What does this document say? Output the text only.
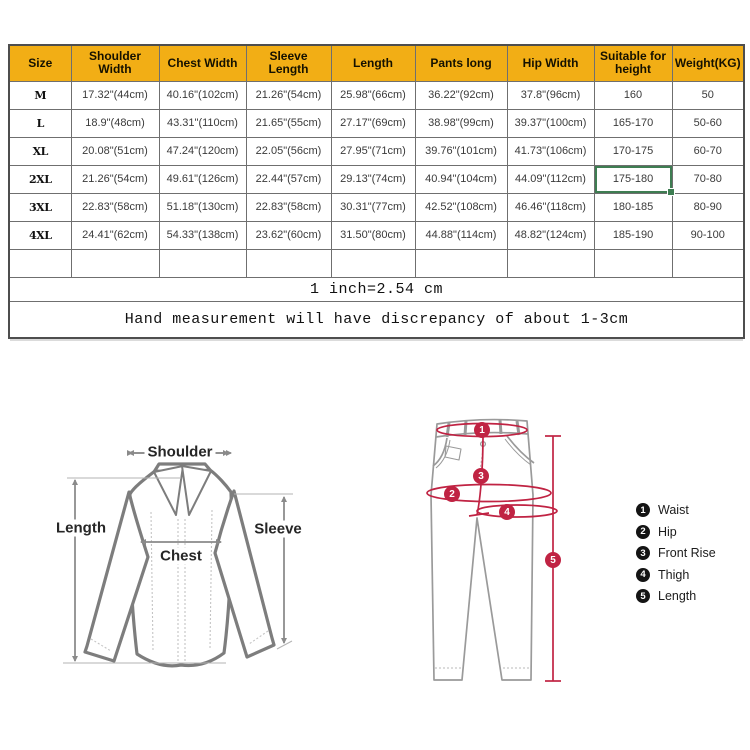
Size	Shoulder Width	Chest Width	Sleeve Length	Length	Pants long	Hip Width	Suitable for height	Weight(KG)
M	17.32"(44cm)	40.16"(102cm)	21.26"(54cm)	25.98"(66cm)	36.22"(92cm)	37.8"(96cm)	160	50
L	18.9"(48cm)	43.31"(110cm)	21.65"(55cm)	27.17"(69cm)	38.98"(99cm)	39.37"(100cm)	165-170	50-60
XL	20.08"(51cm)	47.24"(120cm)	22.05"(56cm)	27.95"(71cm)	39.76"(101cm)	41.73"(106cm)	170-175	60-70
2XL	21.26"(54cm)	49.61"(126cm)	22.44"(57cm)	29.13"(74cm)	40.94"(104cm)	44.09"(112cm)	175-180	70-80
3XL	22.83"(58cm)	51.18"(130cm)	22.83"(58cm)	30.31"(77cm)	42.52"(108cm)	46.46"(118cm)	180-185	80-90
4XL	24.41"(62cm)	54.33"(138cm)	23.62"(60cm)	31.50"(80cm)	44.88"(114cm)	48.82"(124cm)	185-190	90-100

1 inch=2.54 cm								
Hand measurement will have discrepancy of about 1-3cm								
Shoulder
Length
Chest
Sleeve
1
2
3
4
5
1 Waist
2 Hip
3 Front Rise
4 Thigh
5 Length
